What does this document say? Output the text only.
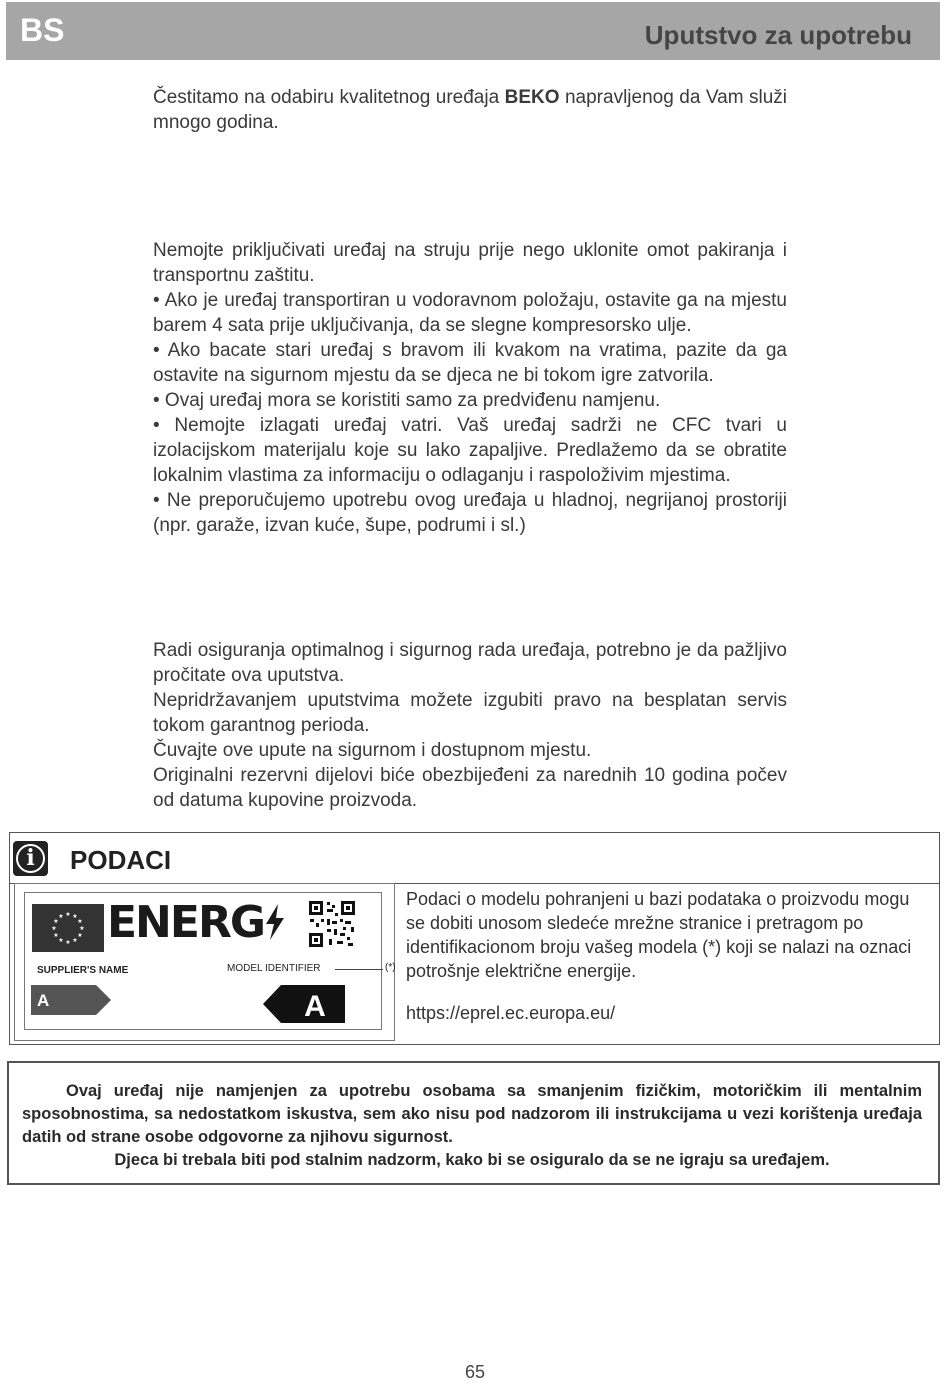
BS	Uputstvo za upotrebu

Čestitamo na odabiru kvalitetnog uređaja BEKO napravljenog da Vam služi mnogo godina.

Nemojte priključivati uređaj na struju prije nego uklonite omot pakiranja i transportnu zaštitu.

• Ako je uređaj transportiran u vodoravnom položaju, ostavite ga na mjestu barem 4 sata prije uključivanja, da se slegne kompresorsko ulje.

• Ako bacate stari uređaj s bravom ili kvakom na vratima, pazite da ga ostavite na sigurnom mjestu da se djeca ne bi tokom igre zatvorila.

• Ovaj uređaj mora se koristiti samo za predviđenu namjenu.

• Nemojte izlagati uređaj vatri. Vaš uređaj sadrži ne CFC tvari u izolacijskom materijalu koje su lako zapaljive. Predlažemo da se obratite lokalnim vlastima za informaciju o odlaganju i raspoloživim mjestima.

• Ne preporučujemo upotrebu ovog uređaja u hladnoj, negrijanoj prostoriji (npr. garaže, izvan kuće, šupe, podrumi i sl.)

Radi osiguranja optimalnog i sigurnog rada uređaja, potrebno je da pažljivo pročitate ova uputstva.

Nepridržavanjem uputstvima možete izgubiti pravo na besplatan servis tokom garantnog perioda.

Čuvajte ove upute na sigurnom i dostupnom mjestu.

Originalni rezervni dijelovi biće obezbijeđeni za narednih 10 godina počev od datuma kupovine proizvoda.

i	PODACI
★ ★
★
★
★
★
★
★
★
★
★
★ ENERG
SUPPLIER'S NAME	MODEL IDENTIFIER	(*)
A	A
Podaci o modelu pohranjeni u bazi podataka o proizvodu mogu se dobiti unosom sledeće mrežne stranice i pretragom po identifikacionom broju vašeg modela (*) koji se nalazi na oznaci potrošnje električne energije.
https://eprel.ec.europa.eu/
Ovaj uređaj nije namjenjen za upotrebu osobama sa smanjenim fizičkim, motoričkim ili mentalnim sposobnostima, sa nedostatkom iskustva, sem ako nisu pod nadzorom ili instrukcijama u vezi korištenja uređaja datih od strane osobe odgovorne za njihovu sigurnost.
Djeca bi trebala biti pod stalnim nadzorm, kako bi se osiguralo da se ne igraju sa uređajem.
65
